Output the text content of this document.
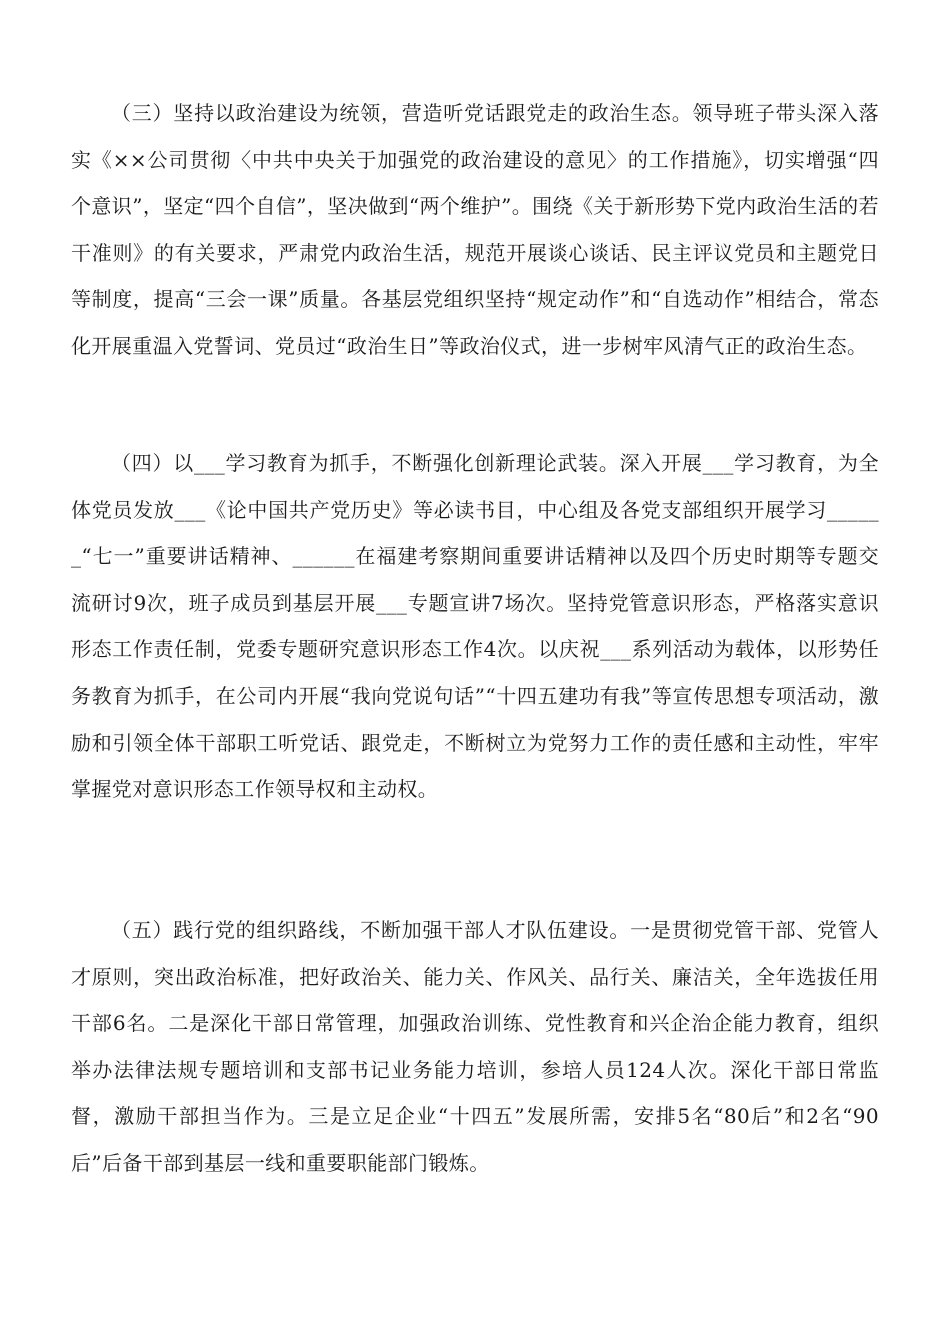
（三）坚持以政治建设为统领，营造听党话跟党走的政治生态。领导班子带头深入落实《××公司贯彻〈中共中央关于加强党的政治建设的意见〉的工作措施》，切实增强“四个意识”，坚定“四个自信”，坚决做到“两个维护”。围绕《关于新形势下党内政治生活的若干准则》的有关要求，严肃党内政治生活，规范开展谈心谈话、民主评议党员和主题党日等制度，提高“三会一课”质量。各基层党组织坚持“规定动作”和“自选动作”相结合，常态化开展重温入党誓词、党员过“政治生日”等政治仪式，进一步树牢风清气正的政治生态。

（四）以___学习教育为抓手，不断强化创新理论武装。深入开展___学习教育，为全体党员发放___《论中国共产党历史》等必读书目，中心组及各党支部组织开展学习______“七一”重要讲话精神、______在福建考察期间重要讲话精神以及四个历史时期等专题交流研讨9次，班子成员到基层开展___专题宣讲7场次。坚持党管意识形态，严格落实意识形态工作责任制，党委专题研究意识形态工作4次。以庆祝___系列活动为载体，以形势任务教育为抓手，在公司内开展“我向党说句话”“十四五建功有我”等宣传思想专项活动，激励和引领全体干部职工听党话、跟党走，不断树立为党努力工作的责任感和主动性，牢牢掌握党对意识形态工作领导权和主动权。

（五）践行党的组织路线，不断加强干部人才队伍建设。一是贯彻党管干部、党管人才原则，突出政治标准，把好政治关、能力关、作风关、品行关、廉洁关，全年选拔任用干部6名。二是深化干部日常管理，加强政治训练、党性教育和兴企治企能力教育，组织举办法律法规专题培训和支部书记业务能力培训，参培人员124人次。深化干部日常监督，激励干部担当作为。三是立足企业“十四五”发展所需，安排5名“80后”和2名“90后”后备干部到基层一线和重要职能部门锻炼。
